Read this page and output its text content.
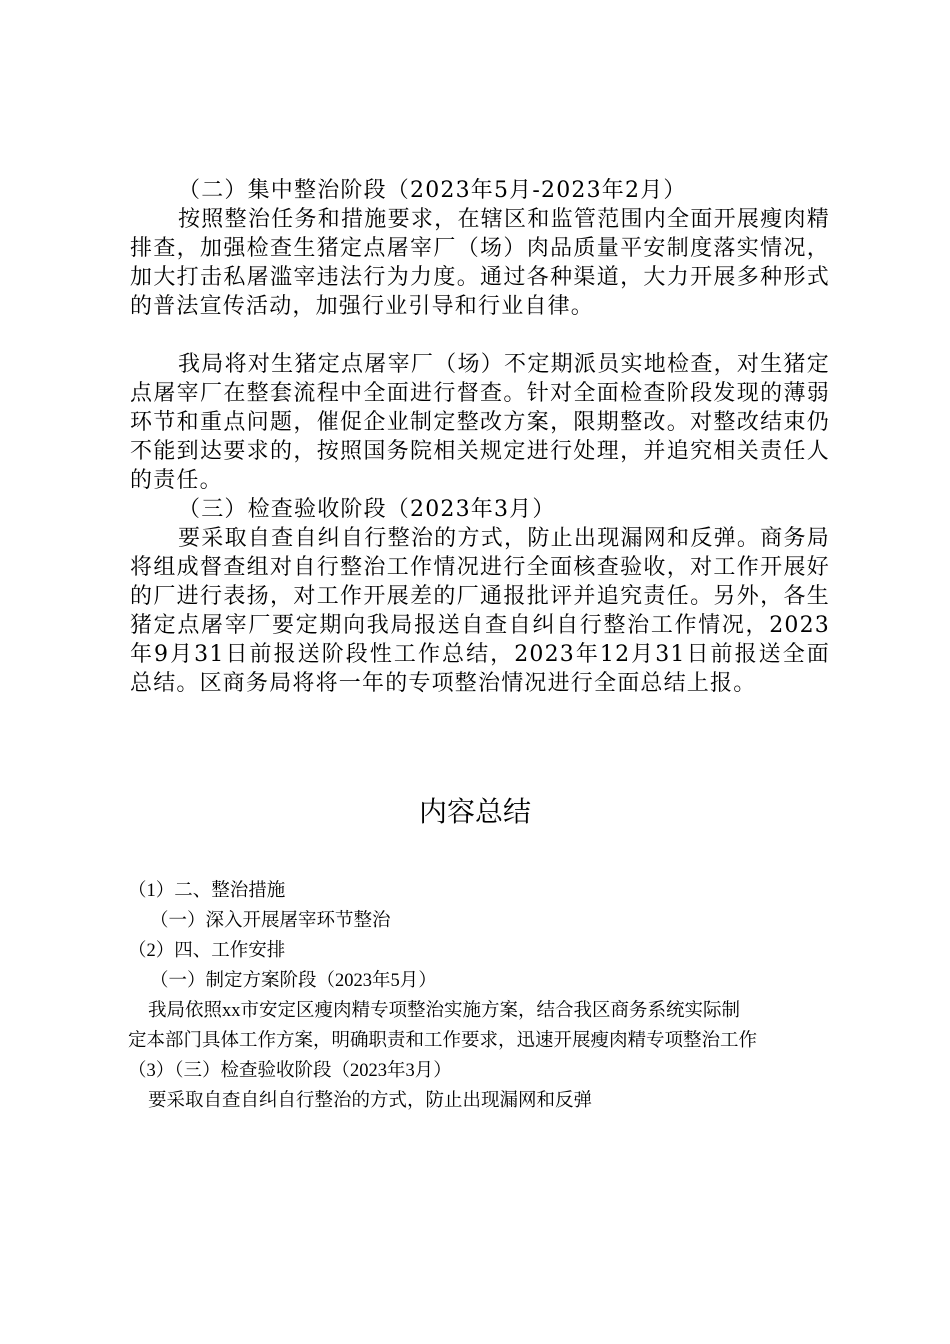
（二）集中整治阶段（2023年5月-2023年2月）

按照整治任务和措施要求，在辖区和监管范围内全面开展瘦肉精排查，加强检查生猪定点屠宰厂（场）肉品质量平安制度落实情况，加大打击私屠滥宰违法行为力度。通过各种渠道，大力开展多种形式的普法宣传活动，加强行业引导和行业自律。

我局将对生猪定点屠宰厂（场）不定期派员实地检查，对生猪定点屠宰厂在整套流程中全面进行督查。针对全面检查阶段发现的薄弱环节和重点问题，催促企业制定整改方案，限期整改。对整改结束仍不能到达要求的，按照国务院相关规定进行处理，并追究相关责任人的责任。

（三）检查验收阶段（2023年3月）

要采取自查自纠自行整治的方式，防止出现漏网和反弹。商务局将组成督查组对自行整治工作情况进行全面核查验收，对工作开展好的厂进行表扬，对工作开展差的厂通报批评并追究责任。另外，各生猪定点屠宰厂要定期向我局报送自查自纠自行整治工作情况，2023年9月31日前报送阶段性工作总结，2023年12月31日前报送全面总结。区商务局将将一年的专项整治情况进行全面总结上报。

内容总结

（1）二、整治措施

（一）深入开展屠宰环节整治

（2）四、工作安排

（一）制定方案阶段（2023年5月）

我局依照xx市安定区瘦肉精专项整治实施方案，结合我区商务系统实际制

定本部门具体工作方案，明确职责和工作要求，迅速开展瘦肉精专项整治工作

（3）（三）检查验收阶段（2023年3月）

要采取自查自纠自行整治的方式，防止出现漏网和反弹
